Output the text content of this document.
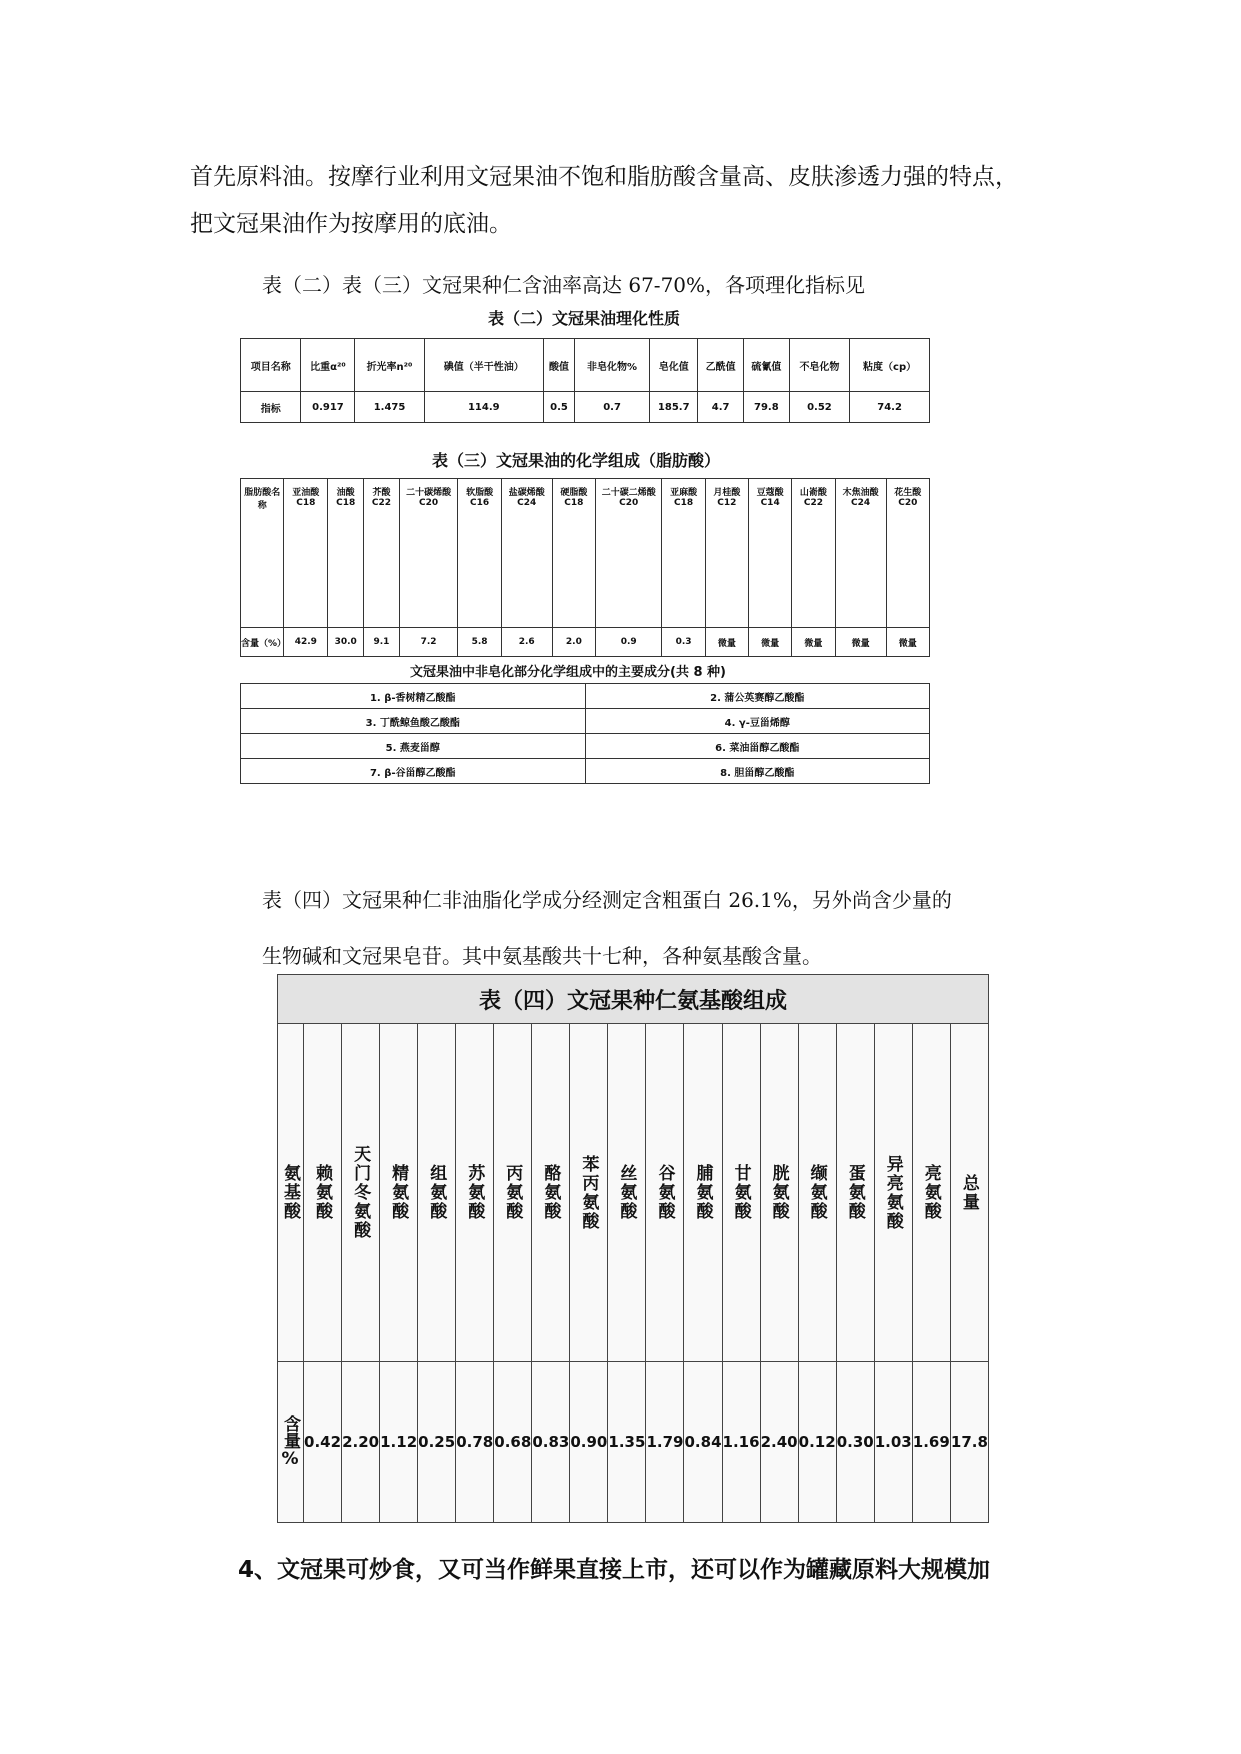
首先原料油。按摩行业利用文冠果油不饱和脂肪酸含量高、皮肤渗透力强的特点，

把文冠果油作为按摩用的底油。

表（二）表（三）文冠果种仁含油率高达 67-70%，各项理化指标见

表（二）文冠果油理化性质
项目名称	比重α²⁰	折光率n²⁰	碘值（半干性油）	酸值	非皂化物%	皂化值	乙酰值	硫氰值	不皂化物	粘度（cp）
指标	0.917	1.475	114.9	0.5	0.7	185.7	4.7	79.8	0.52	74.2
表（三）文冠果油的化学组成（脂肪酸）
脂肪酸名称	亚油酸C18	油酸C18	芥酸C22	二十碳烯酸C20	软脂酸C16	盐碳烯酸C24	硬脂酸C18	二十碳二烯酸C20	亚麻酸C18	月桂酸C12	豆蔻酸C14	山嵛酸C22	木焦油酸C24	花生酸C20
含量（%）	42.9	30.0	9.1	7.2	5.8	2.6	2.0	0.9	0.3	微量	微量	微量	微量	微量
文冠果油中非皂化部分化学组成中的主要成分(共 8 种)
1. β-香树精乙酸酯	2. 蒲公英赛醇乙酸酯
3. 丁酰鲸鱼酸乙酸酯	4. γ-豆甾烯醇
5. 燕麦甾醇	6. 菜油甾醇乙酸酯
7. β-谷甾醇乙酸酯	8. 胆甾醇乙酸酯

表（四）文冠果种仁非油脂化学成分经测定含粗蛋白 26.1%，另外尚含少量的

生物碱和文冠果皂苷。其中氨基酸共十七种，各种氨基酸含量。

表（四）文冠果种仁氨基酸组成																		
氨基酸	赖氨酸	天门冬氨酸	精氨酸	组氨酸	苏氨酸	丙氨酸	酪氨酸	苯丙氨酸	丝氨酸	谷氨酸	脯氨酸	甘氨酸	胱氨酸	缬氨酸	蛋氨酸	异亮氨酸	亮氨酸	总量
含量%	0.42	2.20	1.12	0.25	0.78	0.68	0.83	0.90	1.35	1.79	0.84	1.16	2.40	0.12	0.30	1.03	1.69	17.8

4、文冠果可炒食，又可当作鲜果直接上市，还可以作为罐藏原料大规模加
